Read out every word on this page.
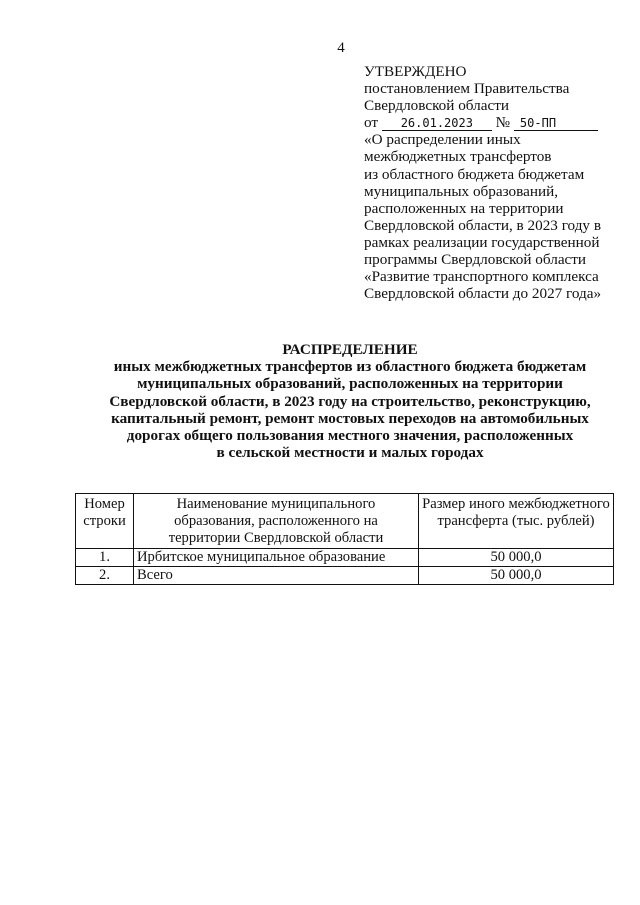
4
УТВЕРЖДЕНО
постановлением Правительства
Свердловской области
от 26.01.2023 № 50-ПП
«О распределении иных
межбюджетных трансфертов
из областного бюджета бюджетам
муниципальных образований,
расположенных на территории
Свердловской области, в 2023 году в
рамках реализации государственной
программы Свердловской области
«Развитие транспортного комплекса
Свердловской области до 2027 года»
РАСПРЕДЕЛЕНИЕ
иных межбюджетных трансфертов из областного бюджета бюджетам
муниципальных образований, расположенных на территории
Свердловской области, в 2023 году на строительство, реконструкцию,
капитальный ремонт, ремонт мостовых переходов на автомобильных
дорогах общего пользования местного значения, расположенных
в сельской местности и малых городах
Номер строки	Наименование муниципального образования, расположенного на территории Свердловской области	Размер иного межбюджетного трансферта (тыс. рублей)
1.	Ирбитское муниципальное образование	50 000,0
2.	Всего	50 000,0
